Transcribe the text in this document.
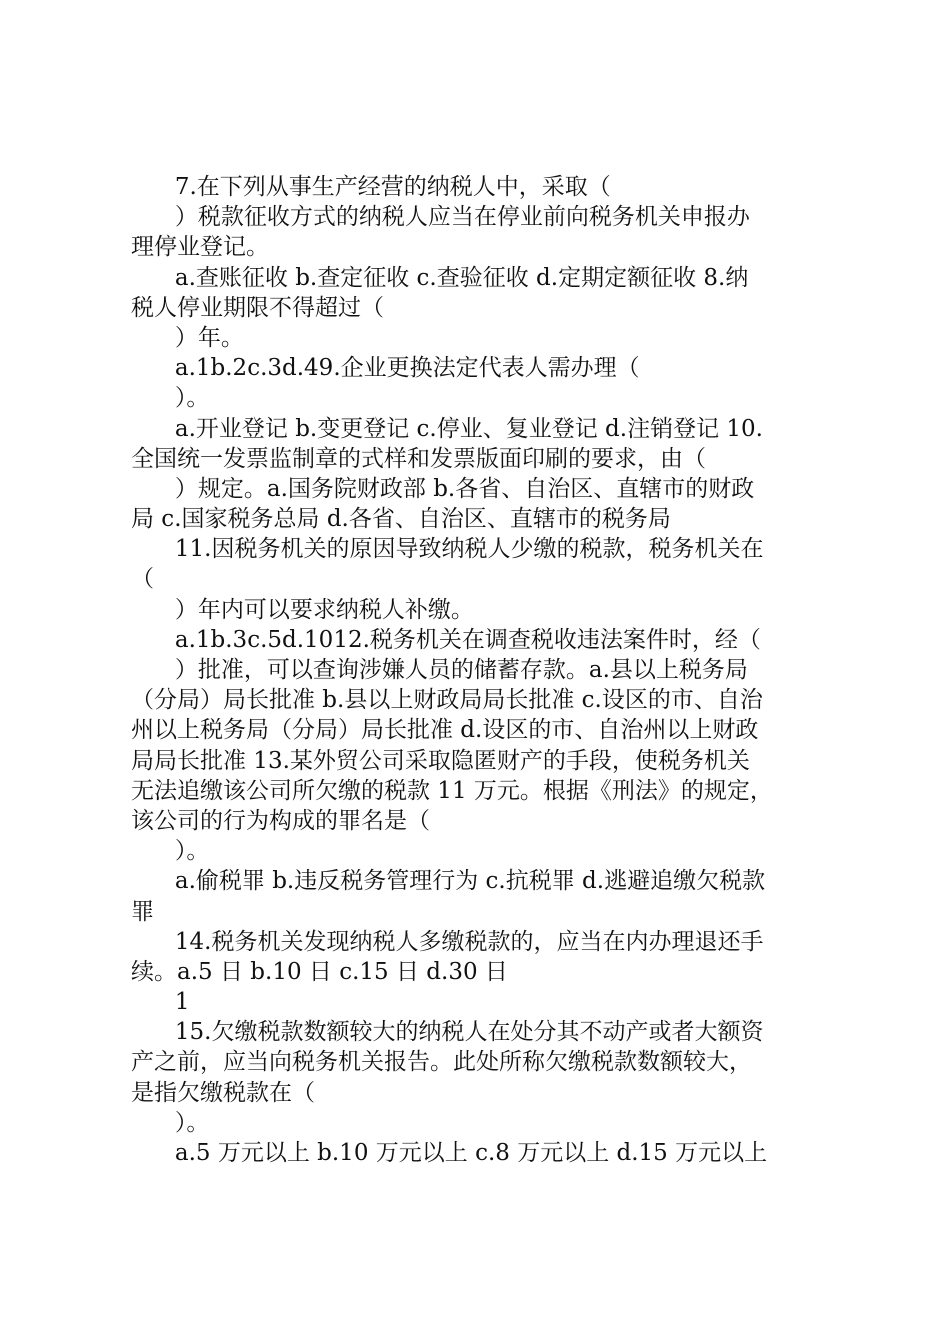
7.在下列从事生产经营的纳税人中，采取（
）税款征收方式的纳税人应当在停业前向税务机关申报办
理停业登记。
a.查账征收 b.查定征收 c.查验征收 d.定期定额征收 8.纳
税人停业期限不得超过（
）年。
a.1b.2c.3d.49.企业更换法定代表人需办理（
）。
a.开业登记 b.变更登记 c.停业、复业登记 d.注销登记 10.
全国统一发票监制章的式样和发票版面印刷的要求，由（
）规定。a.国务院财政部 b.各省、自治区、直辖市的财政
局 c.国家税务总局 d.各省、自治区、直辖市的税务局
11.因税务机关的原因导致纳税人少缴的税款，税务机关在
（
）年内可以要求纳税人补缴。
a.1b.3c.5d.1012.税务机关在调查税收违法案件时，经（
）批准，可以查询涉嫌人员的储蓄存款。a.县以上税务局
（分局）局长批准 b.县以上财政局局长批准 c.设区的市、自治
州以上税务局（分局）局长批准 d.设区的市、自治州以上财政
局局长批准 13.某外贸公司采取隐匿财产的手段，使税务机关
无法追缴该公司所欠缴的税款 11 万元。根据《刑法》的规定，
该公司的行为构成的罪名是（
）。
a.偷税罪 b.违反税务管理行为 c.抗税罪 d.逃避追缴欠税款
罪
14.税务机关发现纳税人多缴税款的，应当在内办理退还手
续。a.5 日 b.10 日 c.15 日 d.30 日
1
15.欠缴税款数额较大的纳税人在处分其不动产或者大额资
产之前，应当向税务机关报告。此处所称欠缴税款数额较大，
是指欠缴税款在（
）。
a.5 万元以上 b.10 万元以上 c.8 万元以上 d.15 万元以上
